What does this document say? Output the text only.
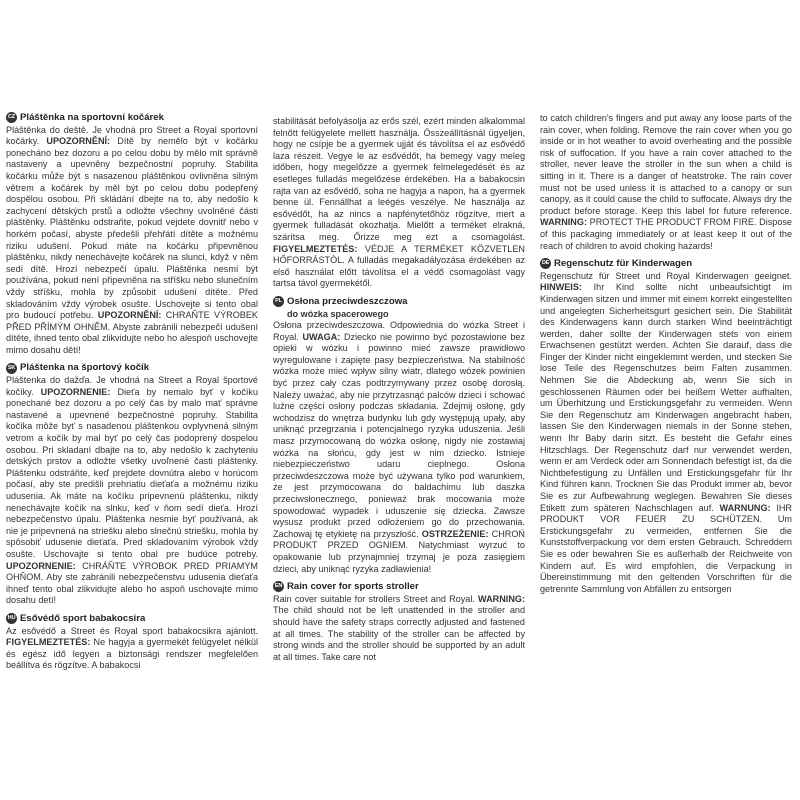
CZ Pláštěnka na sportovní kočárek
Pláštěnka do deště. Je vhodná pro Street a Royal sportovní kočárky. UPOZORNĚNÍ: Dítě by nemělo být v kočárku ponecháno bez dozoru a po celou dobu by mělo mít správně nastaveny a upevněny bezpečnostní popruhy. Stabilita kočárku může být s nasazenou pláštěnkou ovlivněna silným větrem a kočárek by měl být po celou dobu podepřený dospělou osobou. Při skládání dbejte na to, aby nedošlo k zachycení dětských prstů a odložte všechny uvolněné části pláštěnky. Pláštěnku odstraňte, pokud vejdete dovnitř nebo v horkém počasí, abyste předešli přehřátí dítěte a možnému riziku udušení. Pokud máte na kočárku připevněnou pláštěnku, nikdy nenechávejte kočárek na slunci, když v něm sedí dítě. Hrozí nebezpečí úpalu. Pláštěnka nesmí být používána, pokud není připevněna na stříšku nebo slunečním vždy stříšku, mohla by způsobit udušení dítěte. Před skladováním vždy výrobek osušte. Uschovejte si tento obal pro budoucí potřebu. UPOZORNĚNÍ: CHRAŇTE VÝROBEK PŘED PŘÍMÝM OHNĚM. Abyste zabránili nebezpečí udušení dítěte, ihned tento obal zlikvidujte nebo ho alespoň uschovejte mimo dosahu dětí!
SK Pláštenka na športový kočík
Pláštenka do dažďa. Je vhodná na Street a Royal športové kočíky. UPOZORNENIE: Dieťa by nemalo byť v kočíku ponechané bez dozoru a po celý čas by malo mať správne nastavené a upevnené bezpečnostné popruhy. Stabilita kočíka môže byť s nasadenou pláštenkou ovplyvnená silným vetrom a kočík by mal byť po celý čas podoprený dospelou osobou. Pri skladaní dbajte na to, aby nedošlo k zachyteniu detských prstov a odložte všetky uvoľnené časti pláštenky. Pláštenku odstráňte, keď prejdete dovnútra alebo v horúcom počasí, aby ste predišli prehriatiu dieťaťa a možnému riziku udusenia. Ak máte na kočíku pripevnenú pláštenku, nikdy nenechávajte kočík na slnku, keď v ňom sedí dieťa. Hrozí nebezpečenstvo úpalu. Pláštenka nesmie byť používaná, ak nie je pripevnená na striešku alebo slnečnú striešku, mohla by spôsobiť udusenie dieťaťa. Pred skladovaním výrobok vždy osušte. Uschovajte si tento obal pre budúce potreby. UPOZORNENIE: CHRÁŇTE VÝROBOK PRED PRIAMYM OHŇOM. Aby ste zabránili nebezpečenstvu udusenia dieťaťa ihneď tento obal zlikvidujte alebo ho aspoň uschovajte mimo dosahu detí!
HU Esővédő sport babakocsira
Az esővédő a Street és Royal sport babakocsikra ajánlott. FIGYELMEZTETÉS: Ne hagyja a gyermekét felügyelet nélkül és egész idő legyen a biztonsági rendszer megfelelően beállítva és rögzítve. A babakocsi
stabilitását befolyásolja az erős szél, ezért minden alkalommal felnőtt felügyelete mellett használja. Összeállításnál ügyeljen, hogy ne csípje be a gyermek ujját és távolítsa el az esővédő laza részeit. Vegye le az esővédőt, ha bemegy vagy meleg időben, hogy megelőzze a gyermek felmelegedését és az esetleges fulladás megelőzése érdekében. Ha a babakocsin rajta van az esővédő, soha ne hagyja a napon, ha a gyermek benne ül. Fennállhat a leégés veszélye. Ne használja az esővédőt, ha az nincs a napfénytetőhöz rögzítve, mert a gyermek fulladását okozhatja. Mielőtt a terméket elrakná, szárítsa meg. Őrizze meg ezt a csomagolást. FIGYELMEZTETÉS: VÉDJE A TERMÉKET KÖZVETLEN HŐFORRÁSTÓL. A fulladás megakadályozása érdekében az első használat előtt távolítsa el a védő csomagolást vagy tartsa távol gyermekétől.
PL Osłona przeciwdeszczowa
do wózka spacerowego
Osłona przeciwdeszczowa. Odpowiednia do wózka Street i Royal. UWAGA: Dziecko nie powinno być pozostawione bez opieki w wózku i powinno mieć zawsze prawidłowo wyregulowane i zapięte pasy bezpieczeństwa. Na stabilność wózka może mieć wpływ silny wiatr, dlatego wózek powinien być przez cały czas podtrzymywany przez osobę dorosłą. Należy uważać, aby nie przytrzasnąć palców dzieci i schować luźne części osłony podczas składania. Zdejmij osłonę, gdy wchodzisz do wnętrza budynku lub gdy występują upały, aby uniknąć przegrzania i potencjalnego ryzyka uduszenia. Jeśli masz przymocowaną do wózka osłonę, nigdy nie zostawiaj wózka na słońcu, gdy jest w nim dziecko. Istnieje niebezpieczeństwo udaru cieplnego. Osłona przeciwdeszczowa może być używana tylko pod warunkiem, że jest przymocowana do baldachimu lub daszka przeciwsłonecznego, ponieważ brak mocowania może spowodować wypadek i uduszenie się dziecka. Zawsze wysusz produkt przed odłożeniem go do przechowania. Zachowaj tę etykietę na przyszłość. OSTRZEŻENIE: CHROŃ PRODUKT PRZED OGNIEM. Natychmiast wyrzuć to opakowanie lub przynajmniej trzymaj je poza zasięgiem dzieci, aby uniknąć ryzyka zadławienia!
EN Rain cover for sports stroller
Rain cover suitable for strollers Street and Royal. WARNING: The child should not be left unattended in the stroller and should have the safety straps correctly adjusted and fastened at all times. The stability of the stroller can be affected by strong winds and the stroller should be supported by an adult at all times. Take care not
to catch children's fingers and put away any loose parts of the rain cover, when folding. Remove the rain cover when you go inside or in hot weather to avoid overheating and the possible risk of suffocation. If you have a rain cover attached to the stroller, never leave the stroller in the sun when a child is sitting in it. There is a danger of heatstroke. The rain cover must not be used unless it is attached to a canopy or sun canopy, as it could cause the child to suffocate. Always dry the product before storage. Keep this label for future reference. WARNING: PROTECT THE PRODUCT FROM FIRE. Dispose of this packaging immediately or at least keep it out of the reach of children to avoid choking hazards!
DE Regenschutz für Kinderwagen
Regenschutz für Street und Royal Kinderwagen geeignet. HINWEIS: Ihr Kind sollte nicht unbeaufsichtigt im Kinderwagen sitzen und immer mit einem korrekt eingestellten und angelegten Sicherheitsgurt gesichert sein. Die Stabilität des Kinderwagens kann durch starken Wind beeinträchtigt werden, daher sollte der Kinderwagen stets von einem Erwachsenen gestützt werden. Achten Sie darauf, dass die Finger der Kinder nicht eingeklemmt werden, und stecken Sie lose Teile des Regenschutzes beim Falten zusammen. Nehmen Sie die Abdeckung ab, wenn Sie sich in geschlossenen Räumen oder bei heißem Wetter aufhalten, um Überhitzung und Erstickungsgefahr zu vermeiden. Wenn Sie den Regenschutz am Kinderwagen angebracht haben, lassen Sie den Kinderwagen niemals in der Sonne stehen, wenn Ihr Baby darin sitzt. Es besteht die Gefahr eines Hitzschlags. Der Regenschutz darf nur verwendet werden, wenn er am Verdeck oder am Sonnendach befestigt ist, da die Nichtbefestigung zu Unfällen und Erstickungsgefahr für Ihr Kind führen kann. Trocknen Sie das Produkt immer ab, bevor Sie es zur Aufbewahrung weglegen. Bewahren Sie dieses Etikett zum späteren Nachschlagen auf. WARNUNG: IHR PRODUKT VOR FEUER ZU SCHÜTZEN. Um Erstickungsgefahr zu vermeiden, entfernen Sie die Kunststoffverpackung vor dem ersten Gebrauch. Schreddern Sie es oder bewahren Sie es außerhalb der Reichweite von Kindern auf. Es wird empfohlen, die Verpackung in Übereinstimmung mit den geltenden Vorschriften für die getrennte Sammlung von Abfällen zu entsorgen
